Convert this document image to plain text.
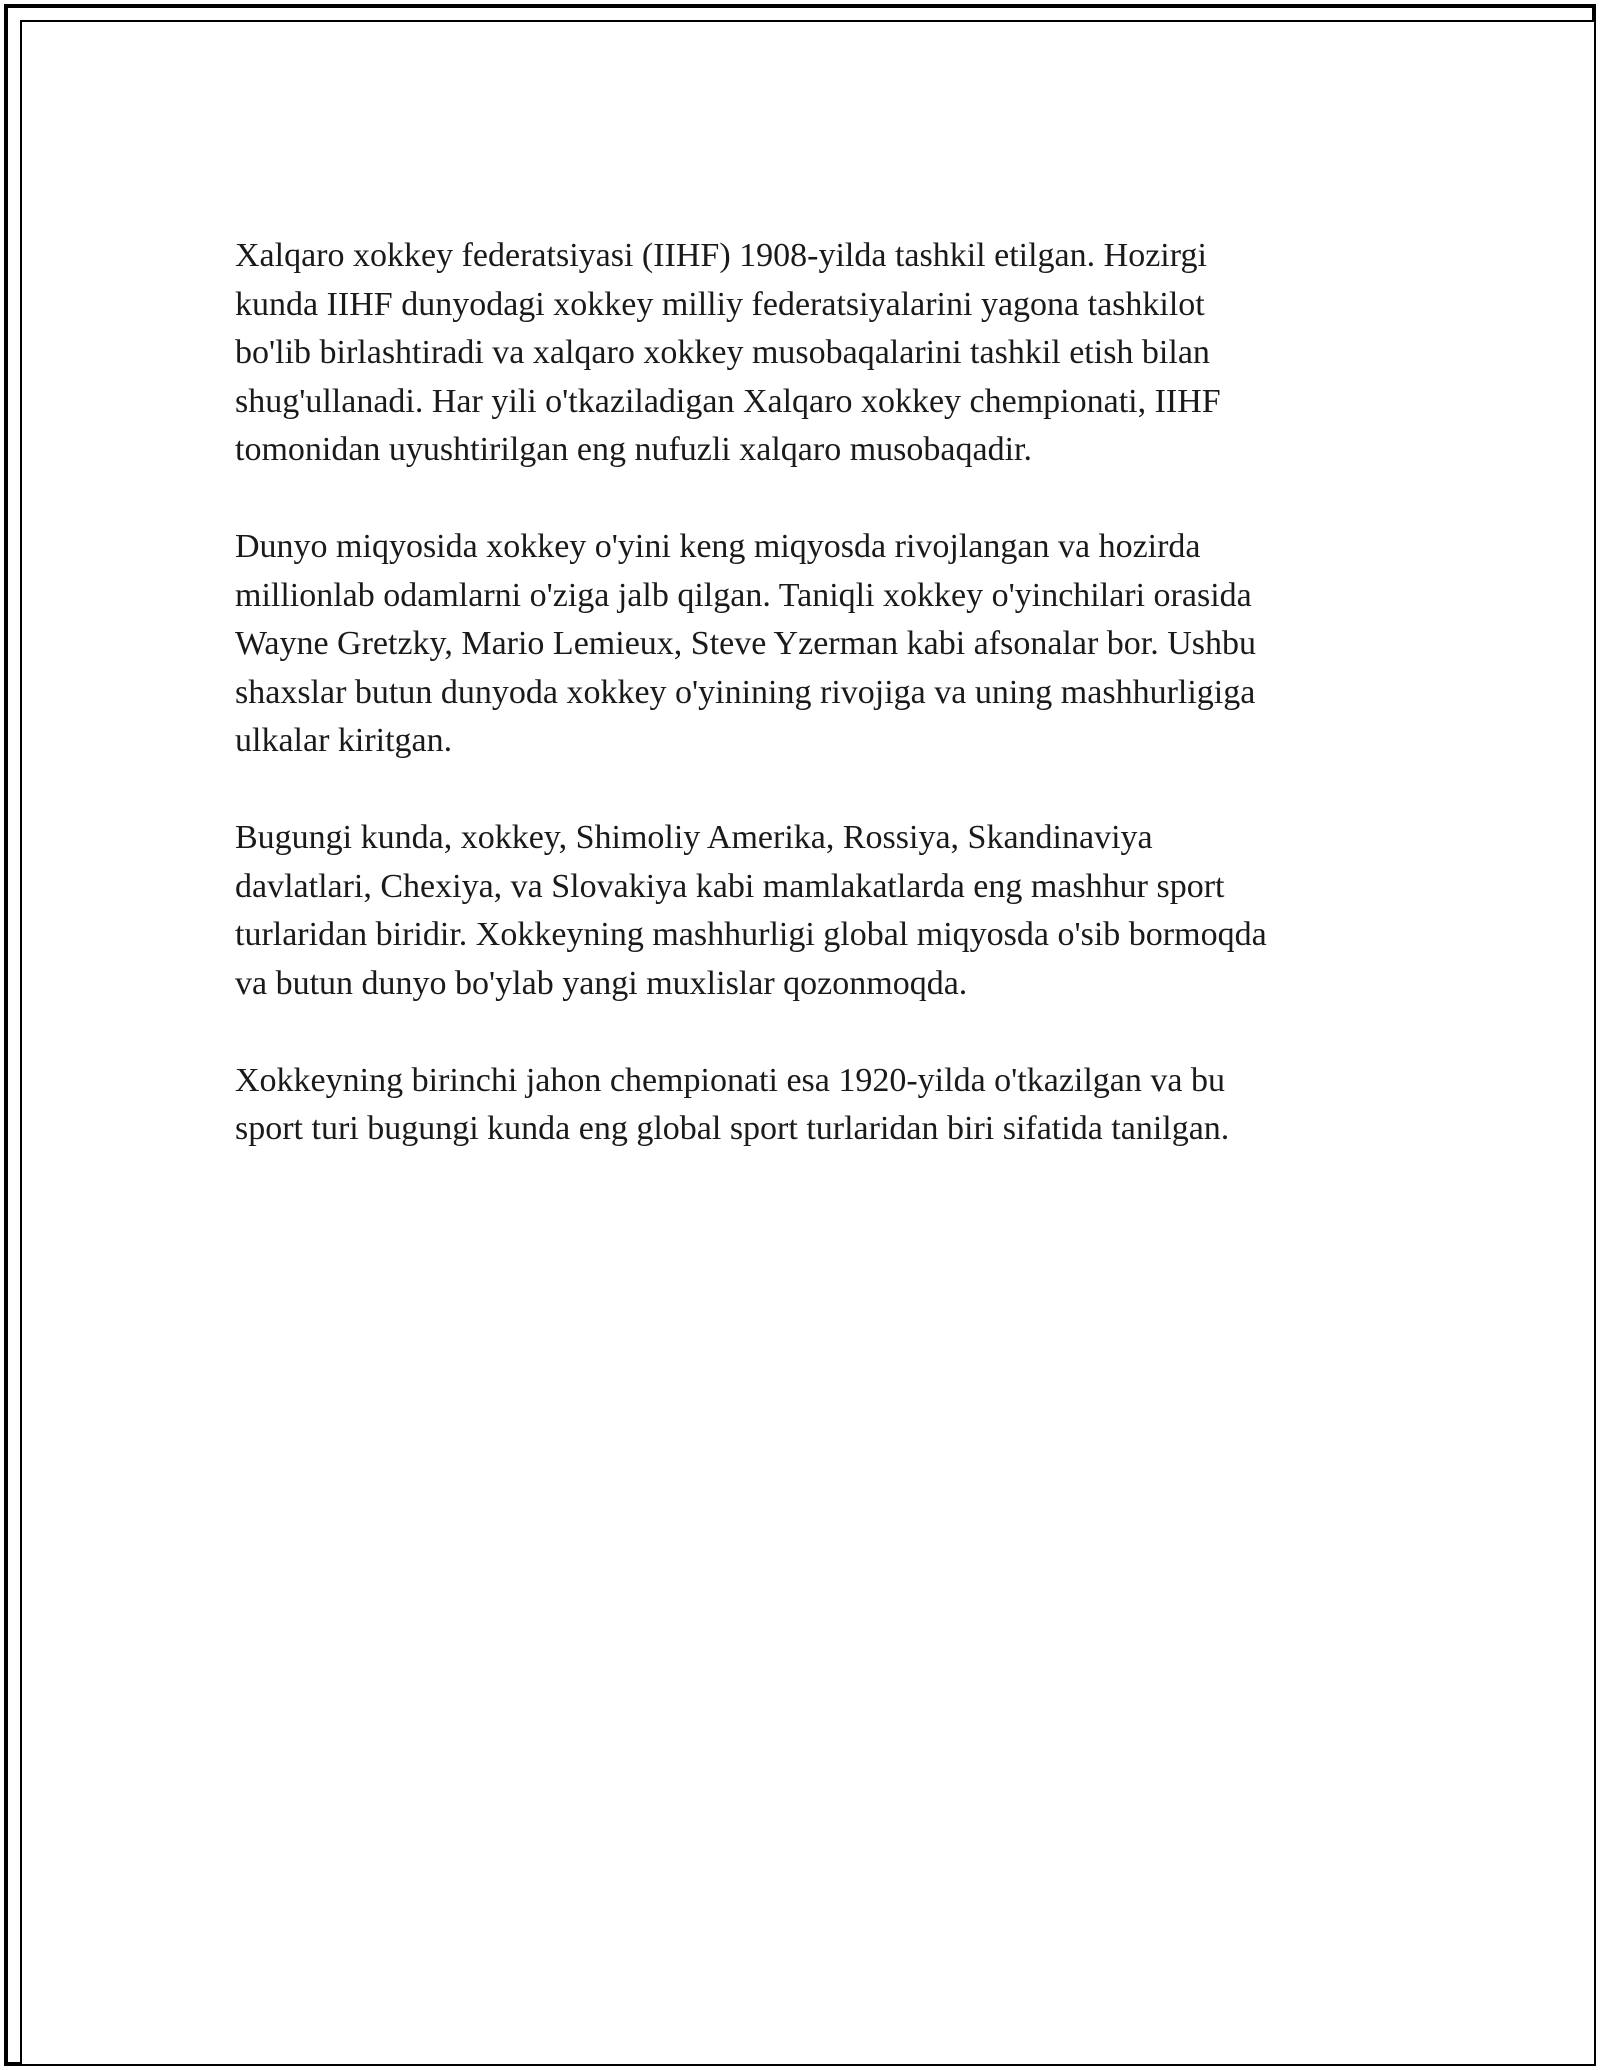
Xalqaro xokkey federatsiyasi (IIHF) 1908-yilda tashkil etilgan. Hozirgi
kunda IIHF dunyodagi xokkey milliy federatsiyalarini yagona tashkilot
bo'lib birlashtiradi va xalqaro xokkey musobaqalarini tashkil etish bilan
shug'ullanadi. Har yili o'tkaziladigan Xalqaro xokkey chempionati, IIHF
tomonidan uyushtirilgan eng nufuzli xalqaro musobaqadir.

Dunyo miqyosida xokkey o'yini keng miqyosda rivojlangan va hozirda
millionlab odamlarni o'ziga jalb qilgan. Taniqli xokkey o'yinchilari orasida
Wayne Gretzky, Mario Lemieux, Steve Yzerman kabi afsonalar bor. Ushbu
shaxslar butun dunyoda xokkey o'yinining rivojiga va uning mashhurligiga
ulkalar kiritgan.

Bugungi kunda, xokkey, Shimoliy Amerika, Rossiya, Skandinaviya
davlatlari, Chexiya, va Slovakiya kabi mamlakatlarda eng mashhur sport
turlaridan biridir. Xokkeyning mashhurligi global miqyosda o'sib bormoqda
va butun dunyo bo'ylab yangi muxlislar qozonmoqda.

Xokkeyning birinchi jahon chempionati esa 1920-yilda o'tkazilgan va bu
sport turi bugungi kunda eng global sport turlaridan biri sifatida tanilgan.
